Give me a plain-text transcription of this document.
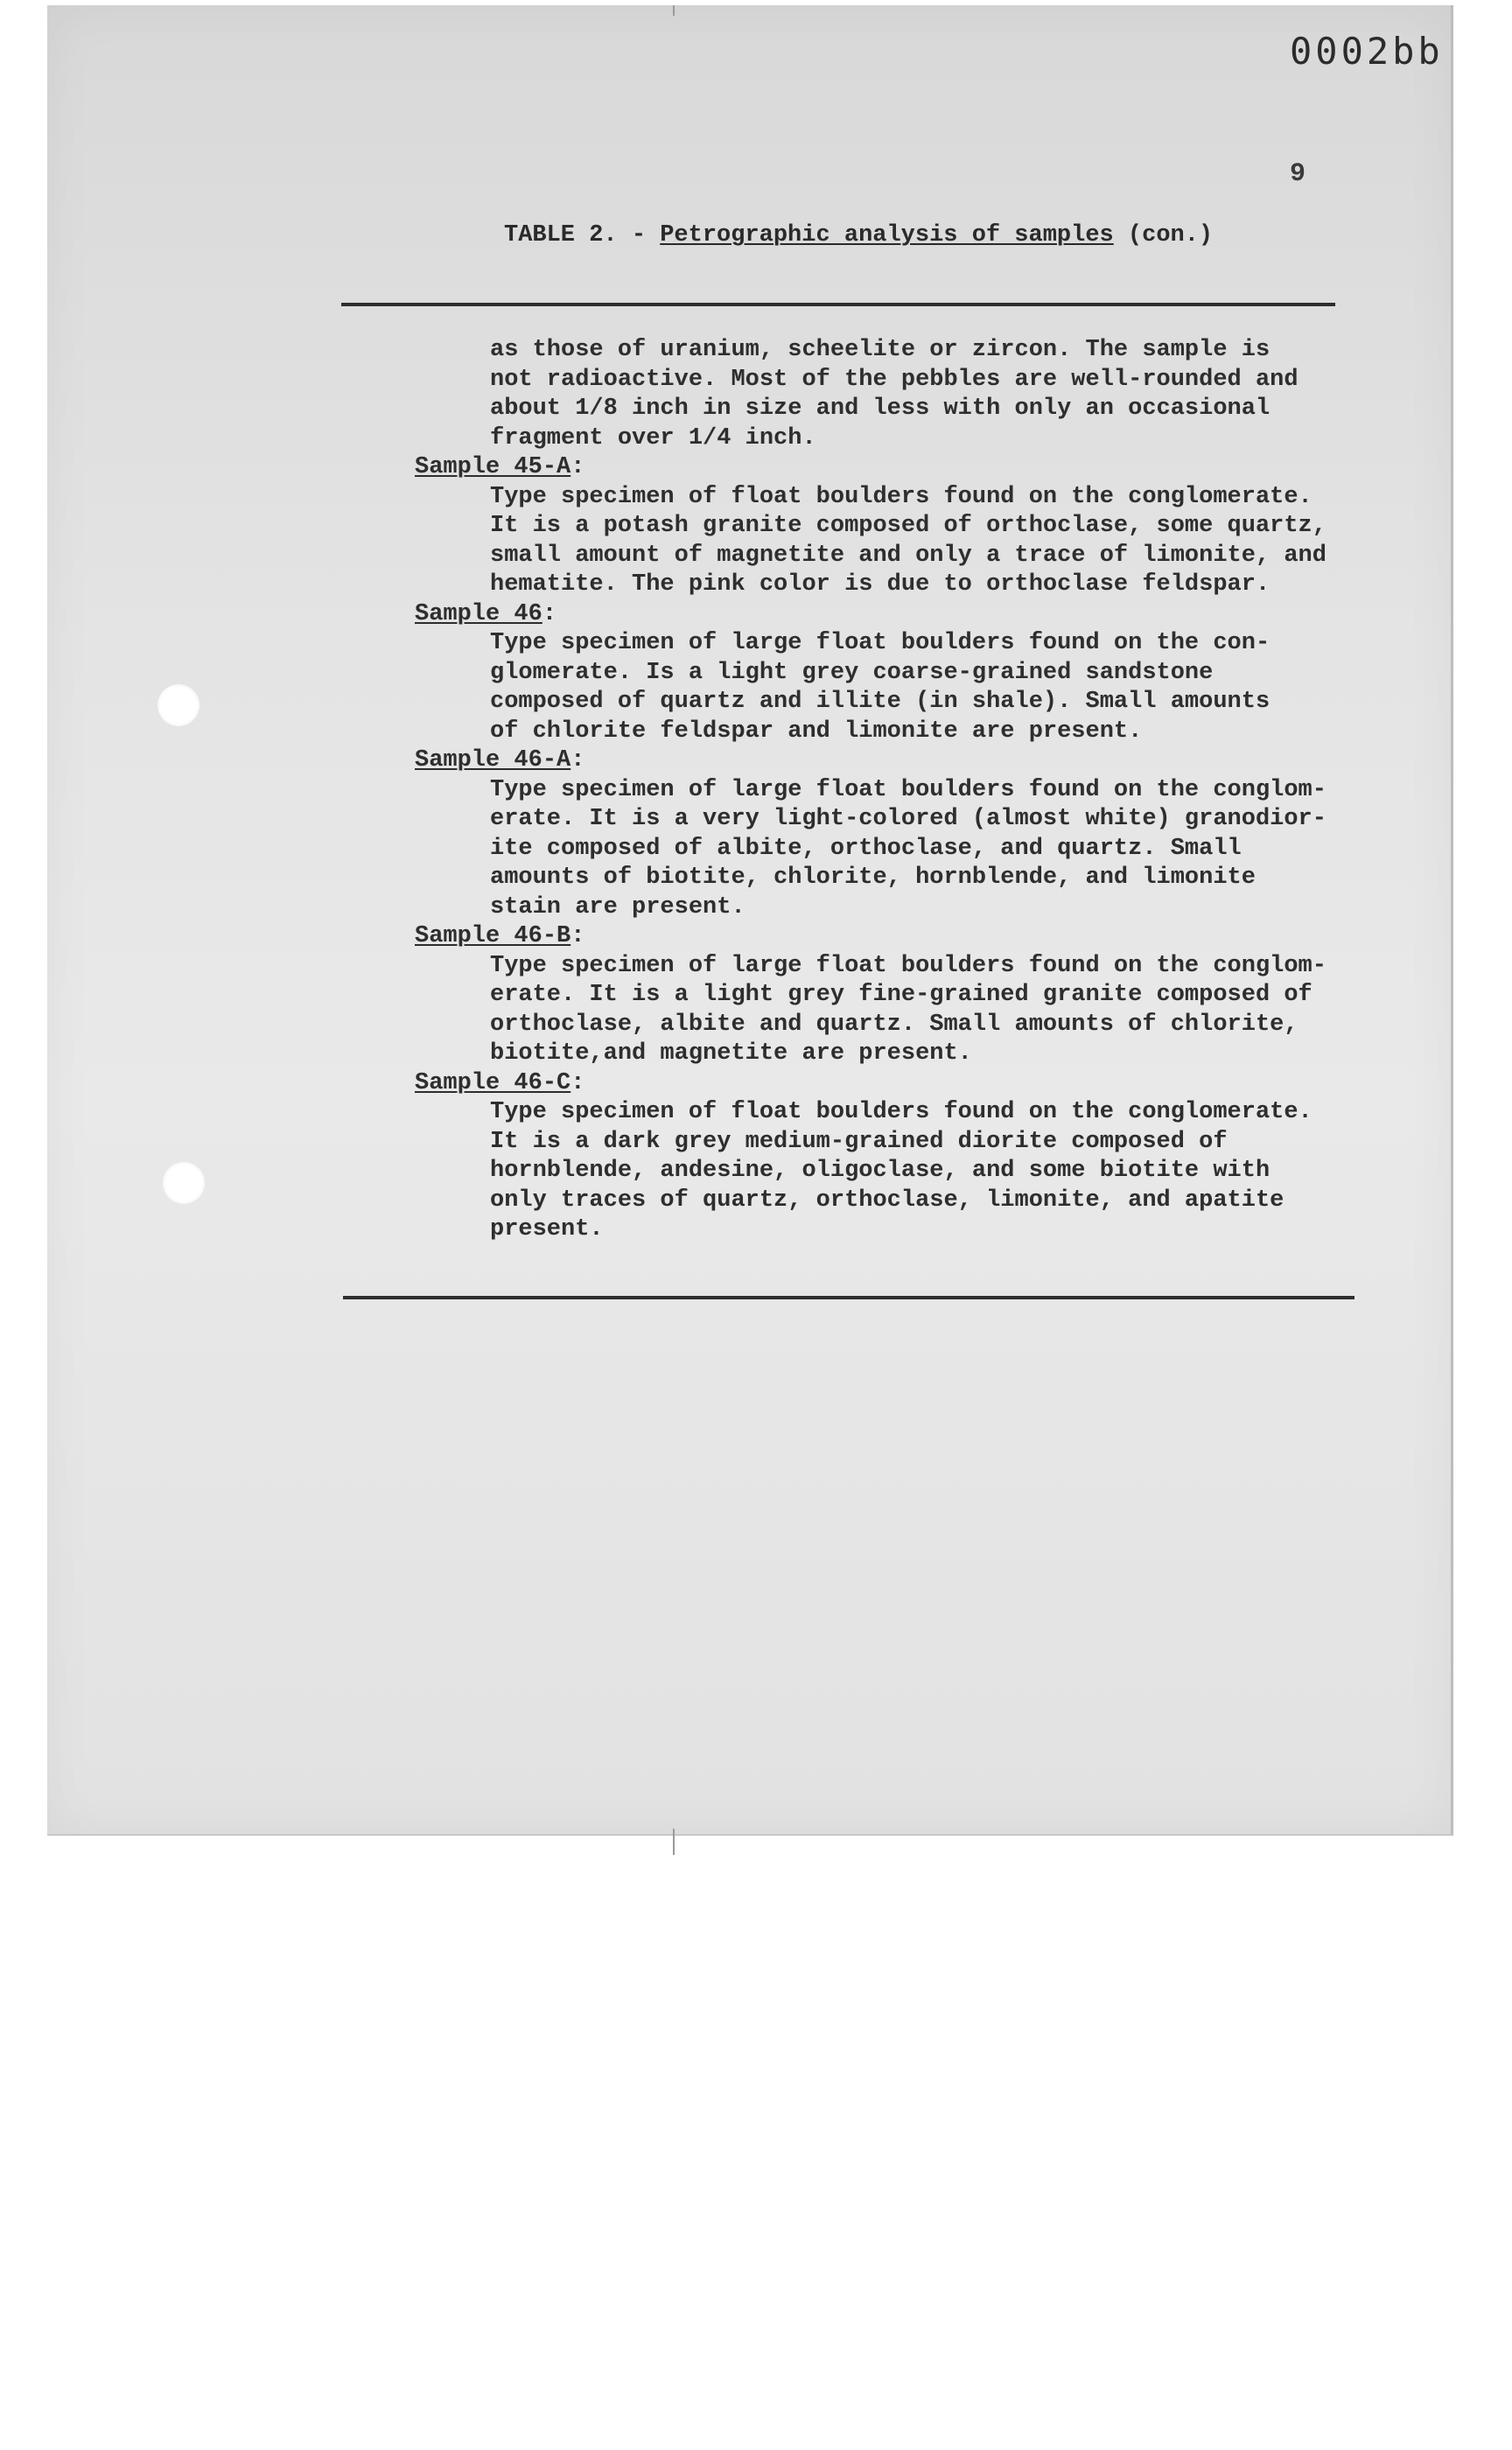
0002bb
9
TABLE 2. - Petrographic analysis of samples (con.)

as those of uranium, scheelite or zircon. The sample is
not radioactive. Most of the pebbles are well-rounded and
about 1/8 inch in size and less with only an occasional
fragment over 1/4 inch.

Sample 45-A:

Type specimen of float boulders found on the conglomerate.
It is a potash granite composed of orthoclase, some quartz,
small amount of magnetite and only a trace of limonite, and
hematite. The pink color is due to orthoclase feldspar.

Sample 46:

Type specimen of large float boulders found on the con-
glomerate. Is a light grey coarse-grained sandstone
composed of quartz and illite (in shale). Small amounts
of chlorite feldspar and limonite are present.

Sample 46-A:

Type specimen of large float boulders found on the conglom-
erate. It is a very light-colored (almost white) granodior-
ite composed of albite, orthoclase, and quartz. Small
amounts of biotite, chlorite, hornblende, and limonite
stain are present.

Sample 46-B:

Type specimen of large float boulders found on the conglom-
erate. It is a light grey fine-grained granite composed of
orthoclase, albite and quartz. Small amounts of chlorite,
biotite,and magnetite are present.

Sample 46-C:

Type specimen of float boulders found on the conglomerate.
It is a dark grey medium-grained diorite composed of
hornblende, andesine, oligoclase, and some biotite with
only traces of quartz, orthoclase, limonite, and apatite
present.
